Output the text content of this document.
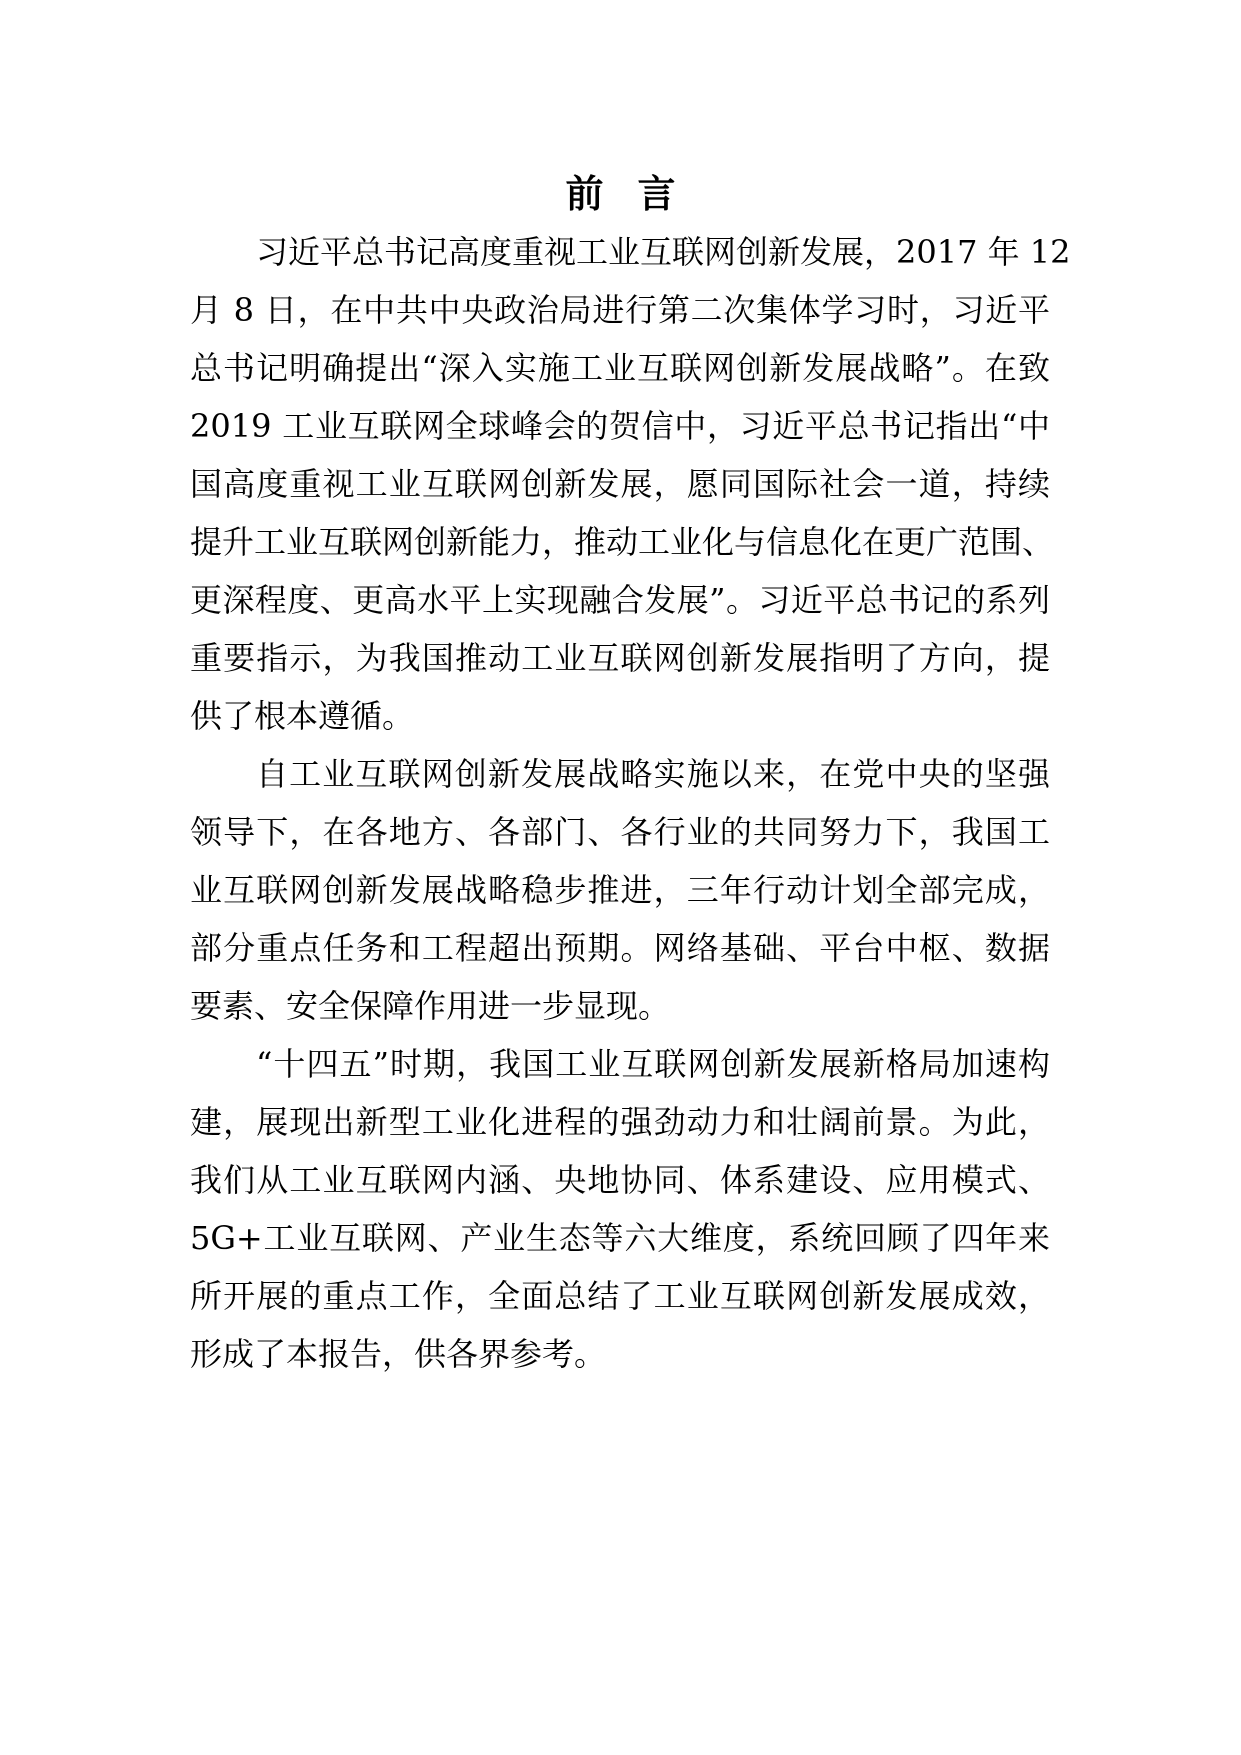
前言
习近平总书记高度重视工业互联网创新发展，2017 年 12
月 8 日，在中共中央政治局进行第二次集体学习时，习近平
总书记明确提出“深入实施工业互联网创新发展战略”。在致
2019 工业互联网全球峰会的贺信中，习近平总书记指出“中
国高度重视工业互联网创新发展，愿同国际社会一道，持续
提升工业互联网创新能力，推动工业化与信息化在更广范围、
更深程度、更高水平上实现融合发展”。习近平总书记的系列
重要指示，为我国推动工业互联网创新发展指明了方向，提
供了根本遵循。
自工业互联网创新发展战略实施以来，在党中央的坚强
领导下，在各地方、各部门、各行业的共同努力下，我国工
业互联网创新发展战略稳步推进，三年行动计划全部完成，
部分重点任务和工程超出预期。网络基础、平台中枢、数据
要素、安全保障作用进一步显现。
“十四五”时期，我国工业互联网创新发展新格局加速构
建，展现出新型工业化进程的强劲动力和壮阔前景。为此，
我们从工业互联网内涵、央地协同、体系建设、应用模式、
5G+工业互联网、产业生态等六大维度，系统回顾了四年来
所开展的重点工作，全面总结了工业互联网创新发展成效，
形成了本报告，供各界参考。
